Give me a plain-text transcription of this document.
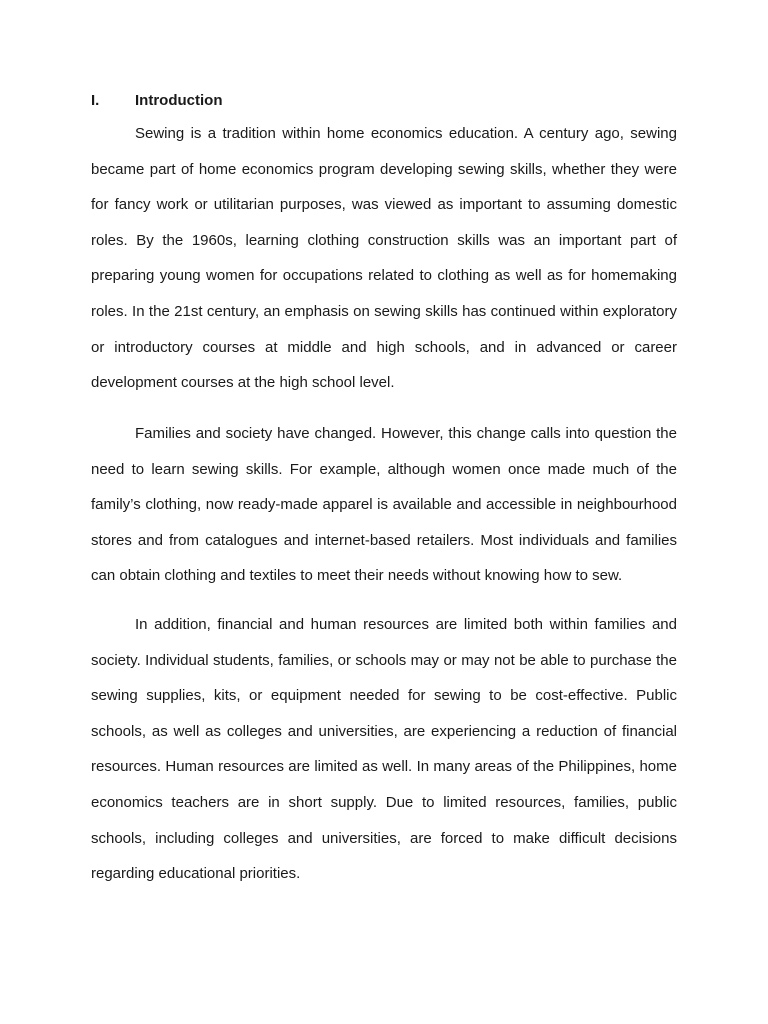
I. Introduction

Sewing is a tradition within home economics education. A century ago, sewing became part of home economics program developing sewing skills, whether they were for fancy work or utilitarian purposes, was viewed as important to assuming domestic roles. By the 1960s, learning clothing construction skills was an important part of preparing young women for occupations related to clothing as well as for homemaking roles. In the 21st century, an emphasis on sewing skills has continued within exploratory or introductory courses at middle and high schools, and in advanced or career development courses at the high school level.

Families and society have changed. However, this change calls into question the need to learn sewing skills. For example, although women once made much of the family’s clothing, now ready-made apparel is available and accessible in neighbourhood stores and from catalogues and internet-based retailers. Most individuals and families can obtain clothing and textiles to meet their needs without knowing how to sew.

In addition, financial and human resources are limited both within families and society. Individual students, families, or schools may or may not be able to purchase the sewing supplies, kits, or equipment needed for sewing to be cost-effective. Public schools, as well as colleges and universities, are experiencing a reduction of financial resources. Human resources are limited as well. In many areas of the Philippines, home economics teachers are in short supply. Due to limited resources, families, public schools, including colleges and universities, are forced to make difficult decisions regarding educational priorities.
